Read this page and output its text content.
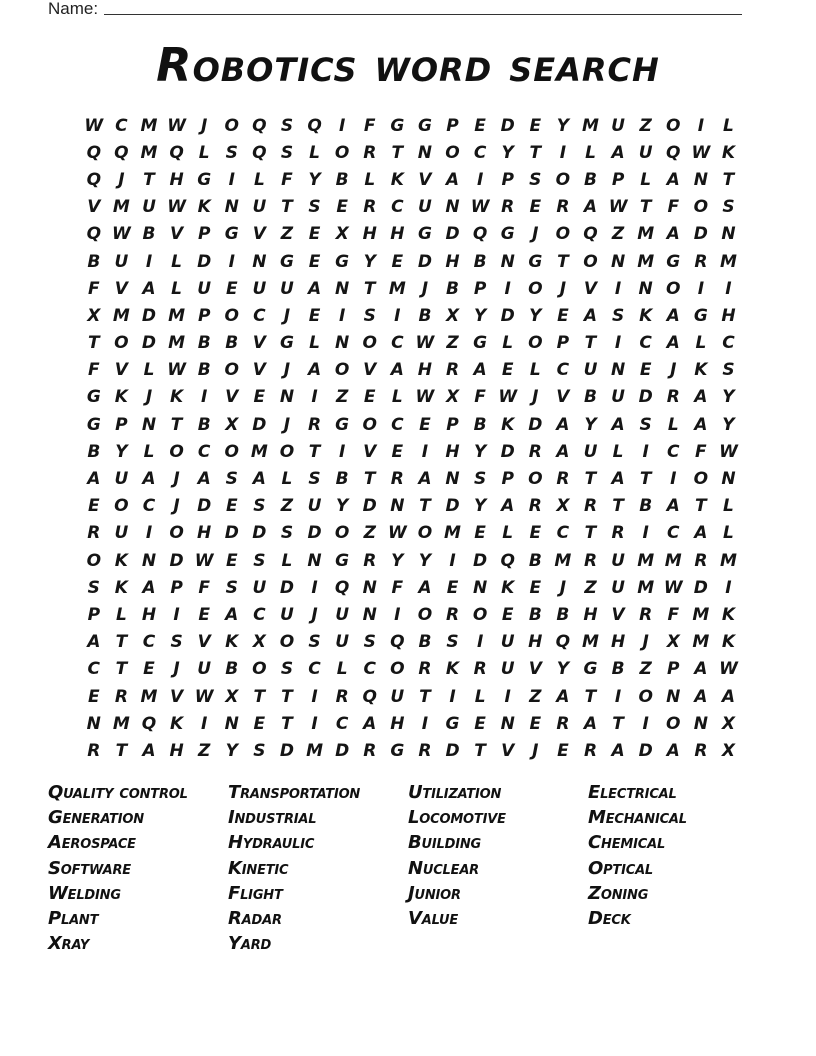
Name:
Robotics word search
W C M W J	O Q S Q	I	F G G P E D E Y M U Z O	I	L
Q Q M Q L S Q S L O R T N O C Y T	I	L A U Q W K
Q	J	T H G	I	L F Y B L K V A	I	P S O B P L A N T
V M U W K N U T S E R C U N W R E R A W T F O S
Q W B V P G V Z E X H H G D Q G	J	O Q Z M A D N
B U	I	L D	I	N G E G Y E D H B N G T O N M G R M
F V A L U E U U A N T M J	B P	I	O	J	V	I	N O	I	I
X M D M P O C	J	E	I	S	I	B X Y D Y E A S K A G H
T O D M B B V G L N O C W Z G L O P T	I	C A L C
F V L W B O V	J	A O V A H R A E L C U N E	J	K S
G K	J	K	I	V E N	I	Z E L W X F W J	V B U D R A Y
G P N T B X D	J	R G O C E P B K D A Y A S L A Y
B Y L O C O M O T	I	V E	I	H Y D R A U L	I	C F W
A U A	J	A S A L S B T R A N S P O R T A T	I	O N
E O C	J	D E S Z U Y D N T D Y A R X R T B A T L
R U	I	O H D D S D O Z W O M E L E C T R	I	C A L
O K N D W E S L N G R Y Y	I	D Q B M R U M M R M
S K A P F S U D	I	Q N F A E N K E	J	Z U M W D	I
P L H	I	E A C U	J	U N	I	O R O E B B H V R F M K
A T C S V K X O S U S Q B S	I	U H Q M H	J	X M K
C T E	J	U B O S C L C O R K R U V Y G B Z P A W
E R M V W X T T	I	R Q U T	I	L	I	Z A T	I	O N A A
N M Q K	I	N E T	I	C A H	I	G E N E R A T	I	O N X
R T A H Z Y S D M D R G R D T V	J	E R A D A R X
Quality control
Generation
Aerospace
Software
Welding
Plant
Xray
Transportation
Industrial
Hydraulic
Kinetic
Flight
Radar
Yard
Utilization
Locomotive
Building
Nuclear
Junior
Value
Electrical
Mechanical
Chemical
Optical
Zoning
Deck
